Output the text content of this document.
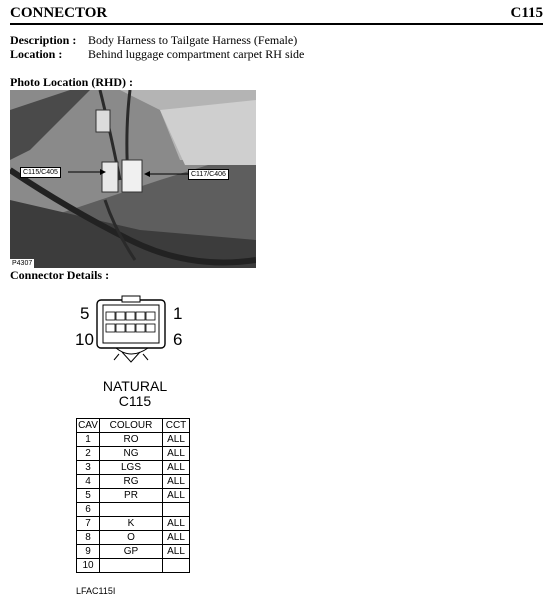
CONNECTOR	C115
Description : Body Harness to Tailgate Harness (Female)
Location : Behind luggage compartment carpet RH side
Photo Location (RHD) :
C115/C405	C117/C406
P4307
Connector Details :
5	1
10	6
NATURAL
C115
CAV	COLOUR	CCT
1	RO	ALL
2	NG	ALL
3	LGS	ALL
4	RG	ALL
5	PR	ALL
6		
7	K	ALL
8	O	ALL
9	GP	ALL
10		
LFAC115I
